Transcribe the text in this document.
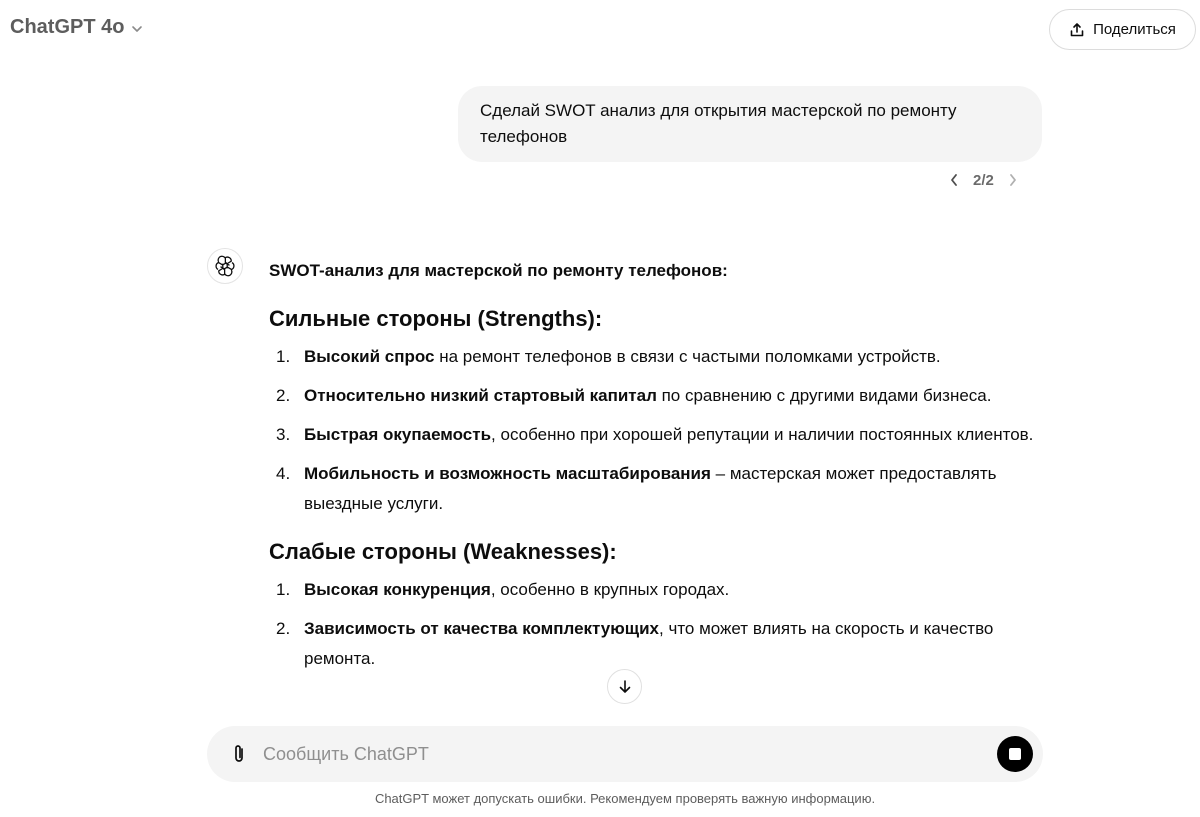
ChatGPT 4o	Поделиться
Сделай SWOT анализ для открытия мастерской по ремонту телефонов
2/2

SWOT-анализ для мастерской по ремонту телефонов:

Сильные стороны (Strengths):
1. Высокий спрос на ремонт телефонов в связи с частыми поломками устройств.
2. Относительно низкий стартовый капитал по сравнению с другими видами бизнеса.
3. Быстрая окупаемость, особенно при хорошей репутации и наличии постоянных клиентов.
4. Мобильность и возможность масштабирования – мастерская может предоставлять выездные услуги.
Слабые стороны (Weaknesses):
1. Высокая конкуренция, особенно в крупных городах.
2. Зависимость от качества комплектующих, что может влиять на скорость и качество ремонта.
Сообщить ChatGPT
ChatGPT может допускать ошибки. Рекомендуем проверять важную информацию.
